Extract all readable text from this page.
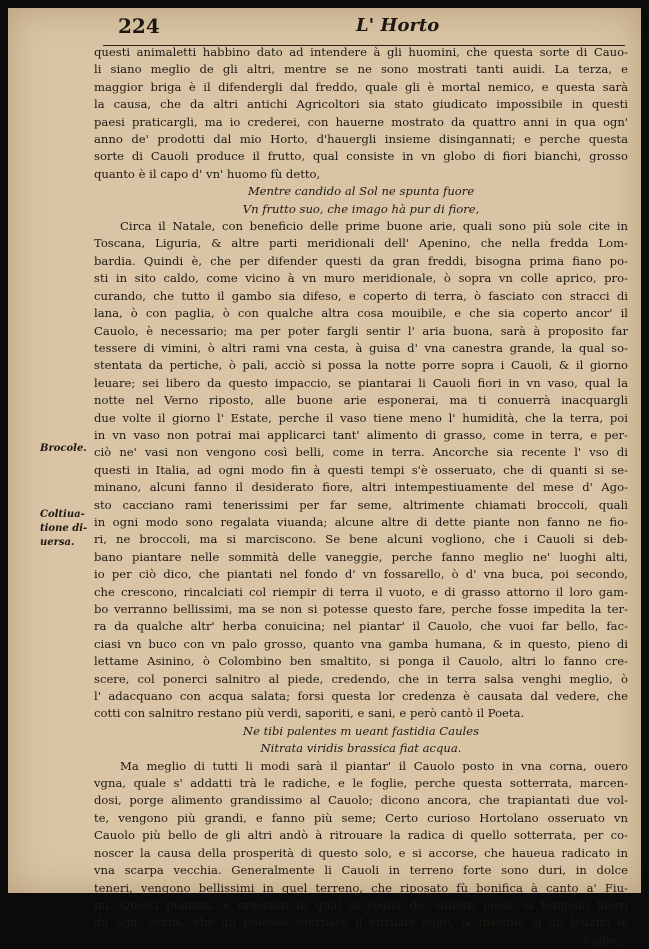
224	L' Horto
Brocole.
Coltiua-
tione di-
uersa.
questi animaletti habbino dato ad intendere à gli huomini, che questa sorte di Cauo-
li siano meglio de gli altri, mentre se ne sono mostrati tanti auidi. La terza, e
maggior briga è il difendergli dal freddo, quale gli è mortal nemico, e questa sarà
la causa, che da altri antichi Agricoltori sia stato giudicato impossibile in questi
paesi praticargli, ma io crederei, con hauerne mostrato da quattro anni in qua ogn'
anno de' prodotti dal mio Horto, d'hauergli insieme disingannati; e perche questa
sorte di Cauoli produce il frutto, qual consiste in vn globo di fiori bianchi, grosso
quanto è il capo d' vn' huomo fù detto,
Mentre candido al Sol ne spunta fuore
Vn frutto suo, che imago hà pur di fiore,
Circa il Natale, con beneficio delle prime buone arie, quali sono più sole cite in
Toscana, Liguria, & altre parti meridionali dell' Apenino, che nella fredda Lom-
bardia. Quindi è, che per difender questi da gran freddi, bisogna prima fiano po-
sti in sito caldo, come vicino à vn muro meridionale, ò sopra vn colle aprico, pro-
curando, che tutto il gambo sia difeso, e coperto di terra, ò fasciato con stracci di
lana, ò con paglia, ò con qualche altra cosa mouibile, e che sia coperto ancor' il
Cauolo, è necessario; ma per poter fargli sentir l' aria buona, sarà à proposito far
tessere di vimini, ò altri rami vna cesta, à guisa d' vna canestra grande, la qual so-
stentata da pertiche, ò pali, acciò si possa la notte porre sopra i Cauoli, & il giorno
leuare; sei libero da questo impaccio, se piantarai li Cauoli fiori in vn vaso, qual la
notte nel Verno riposto, alle buone arie esponerai, ma ti conuerrà inacquargli
due volte il giorno l' Estate, perche il vaso tiene meno l' humidità, che la terra, poi
in vn vaso non potrai mai applicarci tant' alimento di grasso, come in terra, e per-
ciò ne' vasi non vengono così belli, come in terra. Ancorche sia recente l' vso di
questi in Italia, ad ogni modo fin à questi tempi s'è osseruato, che di quanti si se-
minano, alcuni fanno il desiderato fiore, altri intempestiuamente del mese d' Ago-
sto cacciano rami tenerissimi per far seme, altrimente chiamati broccoli, quali
in ogni modo sono regalata viuanda; alcune altre di dette piante non fanno ne fio-
ri, ne broccoli, ma si marciscono. Se bene alcuni vogliono, che i Cauoli si deb-
bano piantare nelle sommità delle vaneggie, perche fanno meglio ne' luoghi alti,
io per ciò dico, che piantati nel fondo d' vn fossarello, ò d' vna buca, poi secondo,
che crescono, rincalciati col riempir di terra il vuoto, e di grasso attorno il loro gam-
bo verranno bellissimi, ma se non si potesse questo fare, perche fosse impedita la ter-
ra da qualche altr' herba conuicina; nel piantar' il Cauolo, che vuoi far bello, fac-
ciasi vn buco con vn palo grosso, quanto vna gamba humana, & in questo, pieno di
lettame Asinino, ò Colombino ben smaltito, si ponga il Cauolo, altri lo fanno cre-
scere, col ponerci salnitro al piede, credendo, che in terra salsa venghi meglio, ò
l' adacquano con acqua salata; forsi questa lor credenza è causata dal vedere, che
cotti con salnitro restano più verdi, saporiti, e sani, e però cantò il Poeta.
Ne tibi palentes m ueant fastidia Caules
Nitrata viridis brassica fiat acqua.
Ma meglio di tutti li modi sarà il piantar' il Cauolo posto in vna corna, ouero
vgna, quale s' addatti trà le radiche, e le foglie, perche questa sotterrata, marcen-
dosi, porge alimento grandissimo al Cauolo; dicono ancora, che trapiantati due vol-
te, vengono più grandi, e fanno più seme; Certo curioso Hortolano osseruato vn
Cauolo più bello de gli altri andò à ritrouare la radica di quello sotterrata, per co-
noscer la causa della prosperità di questo solo, e si accorse, che haueua radicato in
vna scarpa vecchia. Generalmente li Cauoli in terreno forte sono duri, in dolce
teneri, vengono bellissimi in quel terreno, che riposato fù bonifica à canto a' Fiu-
mi. Questi piantati, e cresciuti in qual si voglia de' sudetti modi, si tengono liberi
da ogn' herba, che gli potesse vsurpare il virtuale sugo, & insieme si gli leuano le
foglie,
